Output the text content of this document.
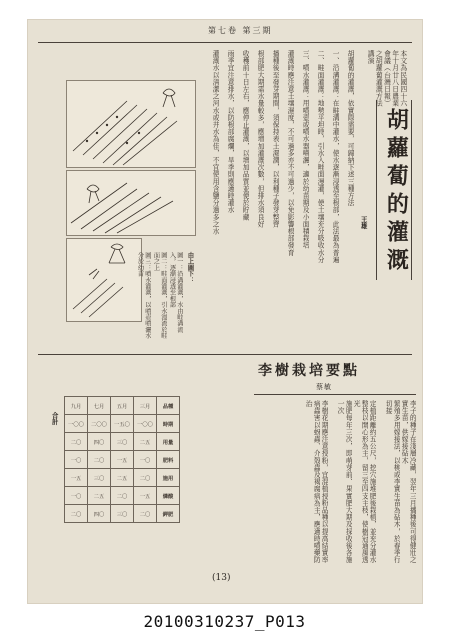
第七卷 第三期
胡蘿蔔的灌溉
王雄
本文為民國四十六年十月廿八日農業會議（台灣日報）之胡蘿蔔灌溉方法講演
胡蘿蔔的灌溉，依實際需要，可歸納下述三種方法
一、沿溝灌溉：在畦溝中灌水，使水逐漸浸透至根部，此法最為普遍
二、畦面灌溉：地勢平坦時，引水入畦面漫灌，使土壤充分吸收水分
三、噴水灌溉：用噴壺或噴水器噴灑，適於幼苗期及小面積栽培
灌溉時應注意土壤濕度，不可過多亦不可過少，以免影響根部發育
播種後至發芽期間，須保持表土濕潤，以利種子發芽整齊
根部肥大期需水量較多，應增加灌溉次數，但排水須良好
收穫前十日左右，應停止灌溉，以增加品質並便於貯藏
雨季宜注意排水，以防根部腐爛，旱季則應適時灌水
灌溉水以清潔之河水或井水為佳，不宜使用含鹽分過多之水
由上圖下：
圖一：沿溝灌溉，水由畦溝流入，逐漸浸透至根部
圖二：畦面灌溉，引水漫流於畦面之上
圖三：噴水灌溉，以噴壺噴灑水分於幼苗
李樹栽培要點
蔡敏
李子的種子在淺層冷藏，翌年三月播種後可得健壯之實生苗，供嫁接砧木
繁殖多用嫁接法，以桃或李實生苗為砧木，於春季行切接
定植距離約五公尺，挖穴施堆肥後栽植，並充分灌水
整枝以開心形為主，留三至四支主枝，使樹冠通風透光
施肥每年三次，即萌芽前、果實肥大期及採收後各施一次
李樹花期應注意授粉，宜混植授粉品種以提高結實率
病蟲害以蚜蟲、介殼蟲及褐腐病為主，應適時噴藥防治
合計
九月	七月	五月	三月	品種
一〇〇	二〇〇	一五〇	一〇〇	時期
二〇	四〇	三〇	二五	用量
一〇	二〇	一五	一〇	肥料
一五	三〇	二五	二〇	施用
一〇	二五	二〇	一五	燐酸
二〇	四〇	三〇	二〇	鉀肥
(13)
20100310237_P013
